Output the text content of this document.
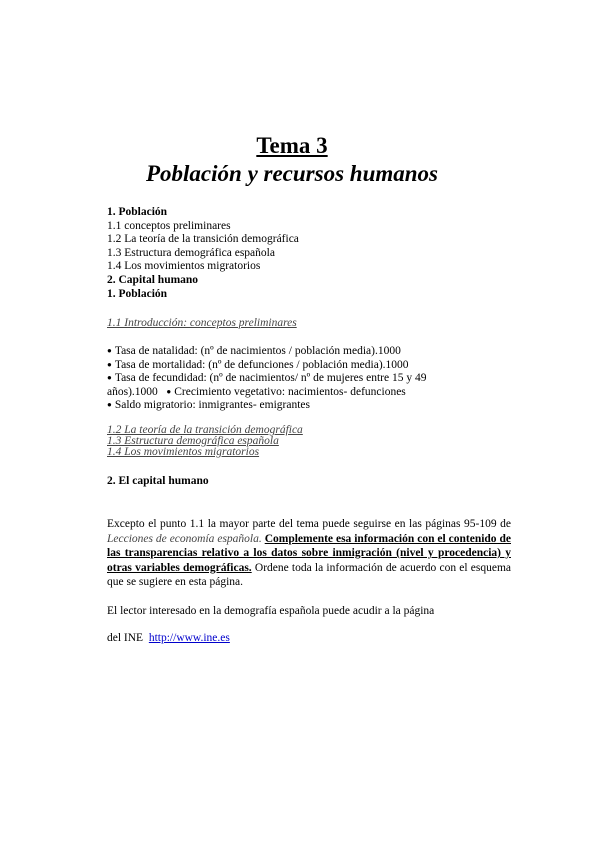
Tema 3
Población y recursos humanos
1. Población
1.1 conceptos preliminares
1.2 La teoría de la transición demográfica
1.3 Estructura demográfica española
1.4 Los movimientos migratorios
2. Capital humano
1. Población
1.1 Introducción: conceptos preliminares
● Tasa de natalidad: (nº de nacimientos / población media).1000
● Tasa de mortalidad: (nº de defunciones / población media).1000
● Tasa de fecundidad: (nº de nacimientos/ nº de mujeres entre 15 y 49
años).1000   ● Crecimiento vegetativo: nacimientos- defunciones
● Saldo migratorio: inmigrantes- emigrantes
1.2 La teoría de la transición demográfica
1.3 Estructura demográfica española
1.4 Los movimientos migratorios
2. El capital humano
Excepto el punto 1.1 la mayor parte del tema puede seguirse en las páginas 95-109 de Lecciones de economía española. Complemente esa información con el contenido de las transparencias relativo a los datos sobre inmigración (nivel y procedencia) y otras variables demográficas. Ordene toda la información de acuerdo con el esquema que se sugiere en esta página.
El lector interesado en la demografía española puede acudir a la página
del INE http://www.ine.es
